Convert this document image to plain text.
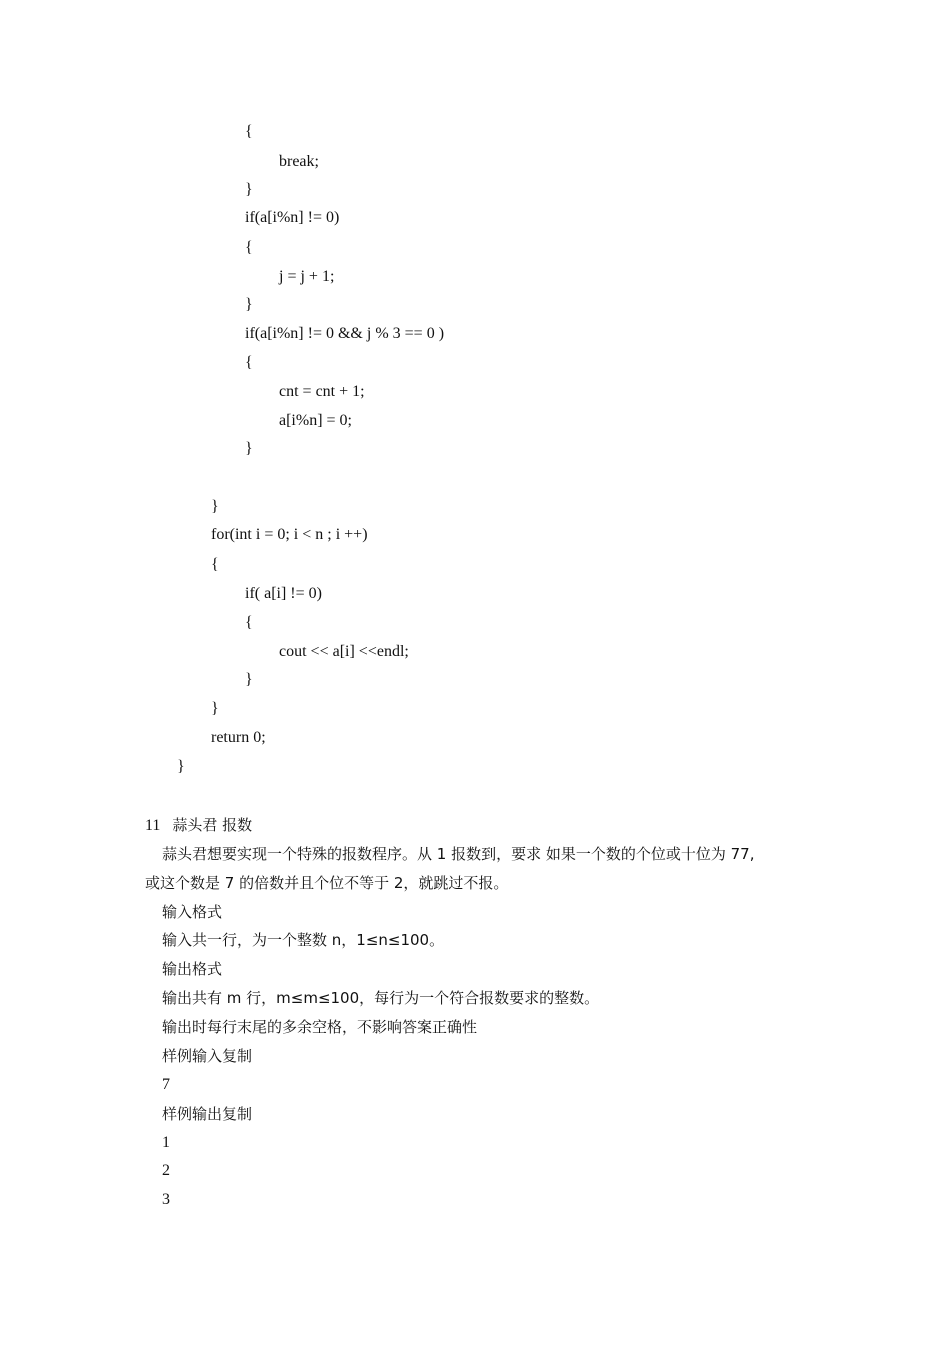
{
break;
}
if(a[i%n] != 0)
{
j = j + 1;
}
if(a[i%n] != 0 && j % 3 == 0 )
{
cnt = cnt + 1;
a[i%n] = 0;
}
}
for(int i = 0; i < n ; i ++)
{
if( a[i] != 0)
{
cout << a[i] <<endl;
}
}
return 0;
}
11 蒜头君 报数
蒜头君想要实现一个特殊的报数程序。从 1 报数到，要求 如果一个数的个位或十位为 77,
或这个数是 7 的倍数并且个位不等于 2，就跳过不报。
输入格式
输入共一行，为一个整数 n，1≤n≤100。
输出格式
输出共有 m 行，m≤m≤100，每行为一个符合报数要求的整数。
输出时每行末尾的多余空格，不影响答案正确性
样例输入复制
7
样例输出复制
1
2
3
